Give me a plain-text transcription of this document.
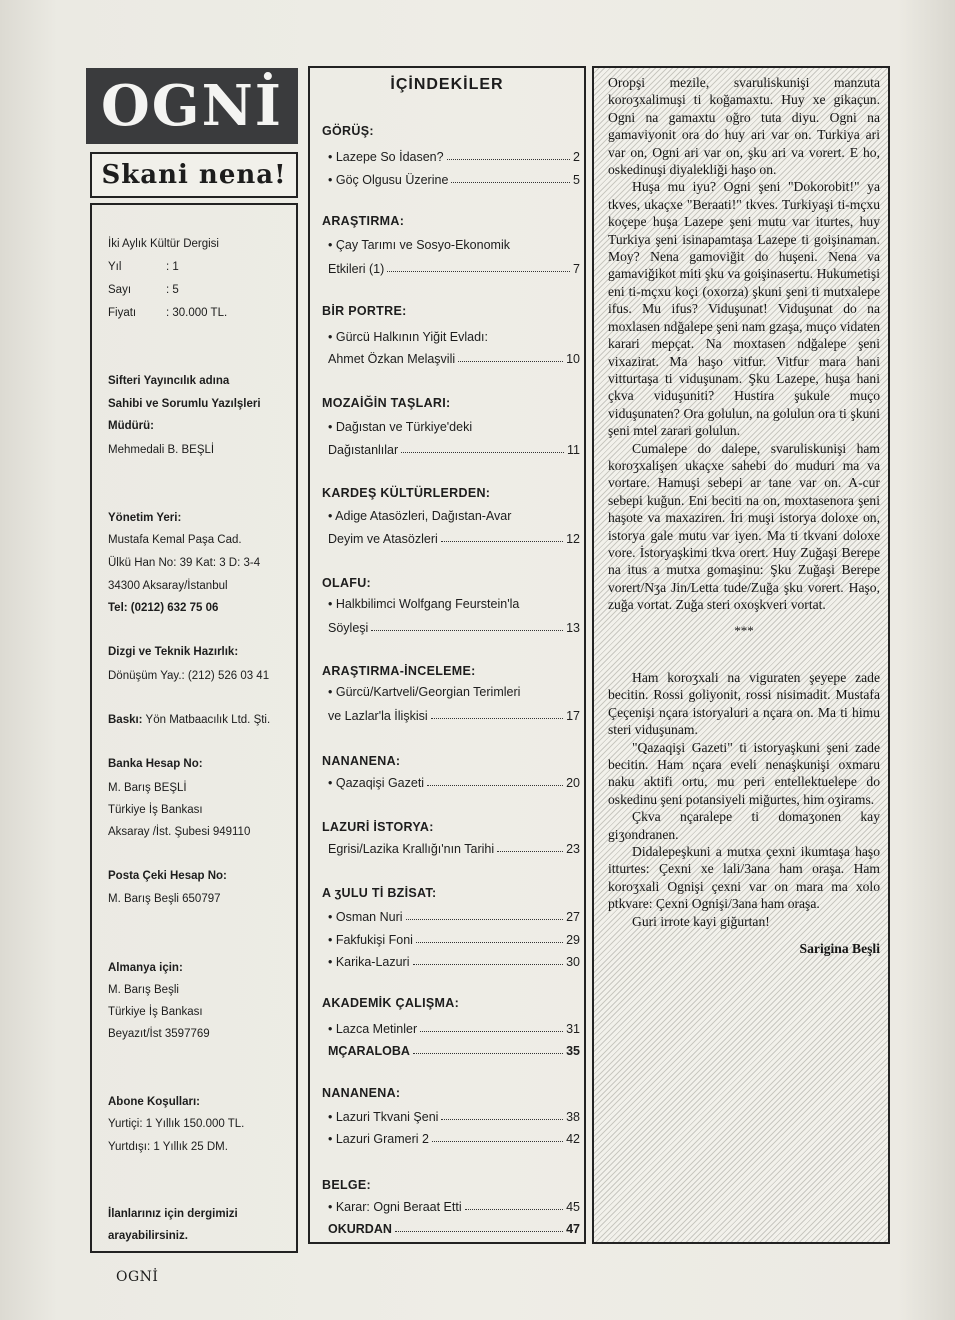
OGNİ
Skani nena!
İki Aylık Kültür Dergisi
Yıl	: 1
Sayı	: 5
Fiyatı	: 30.000 TL.
Sifteri Yayıncılık adına
Sahibi ve Sorumlu Yazılşleri
Müdürü:
Mehmedali B. BEŞLİ
Yönetim Yeri:
Mustafa Kemal Paşa Cad.
Ülkü Han No: 39 Kat: 3 D: 3-4
34300 Aksaray/İstanbul
Tel: (0212) 632 75 06
Dizgi ve Teknik Hazırlık:
Dönüşüm Yay.: (212) 526 03 41
Baskı: Yön Matbaacılık Ltd. Şti.
Banka Hesap No:
M. Barış BEŞLİ
Türkiye İş Bankası
Aksaray /İst. Şubesi 949110
Posta Çeki Hesap No:
M. Barış Beşli 650797
Almanya için:
M. Barış Beşli
Türkiye İş Bankası
Beyazıt/İst 3597769
Abone Koşulları:
Yurtiçi: 1 Yıllık 150.000 TL.
Yurtdışı: 1 Yıllık 25 DM.
İlanlarınız için dergimizi
arayabilirsiniz.
İÇİNDEKİLER
GÖRÜŞ:
• Lazepe So İdasen?	2
• Göç Olgusu Üzerine	5
ARAŞTIRMA:
• Çay Tarımı ve Sosyo-Ekonomik
Etkileri (1)	7
BİR PORTRE:
• Gürcü Halkının Yiğit Evladı:
Ahmet Özkan Melaşvili	10
MOZAİĞİN TAŞLARI:
• Dağıstan ve Türkiye'deki
Dağıstanlılar	11
KARDEŞ KÜLTÜRLERDEN:
• Adige Atasözleri, Dağıstan-Avar
Deyim ve Atasözleri	12
OLAFU:
• Halkbilimci Wolfgang Feurstein'la
Söyleşi	13
ARAŞTIRMA-İNCELEME:
• Gürcü/Kartveli/Georgian Terimleri
ve Lazlar'la İlişkisi	17
NANANENA:
• Qazaqişi Gazeti	20
LAZURİ İSTORYA:
Egrisi/Lazika Krallığı'nın Tarihi	23
A ʒULU Tİ BZİSAT:
• Osman Nuri	27
• Fakfukişi Foni	29
• Karika-Lazuri	30
AKADEMİK ÇALIŞMA:
• Lazca Metinler	31
MÇARALOBA	35
NANANENA:
• Lazuri Tkvani Şeni	38
• Lazuri Grameri 2	42
BELGE:
• Karar: Ogni Beraat Etti	45
OKURDAN	47

Oropşi mezile, svaruliskunişi manzuta koroʒxalimuşi ti koğamaxtu. Huy xe gikaçun. Ogni na gamaxtu oğro tuta diyu. Ogni na gamaviyonit ora do huy ari var on. Turkiya ari var on, Ogni ari var on, şku ari va vorert. E ho, oskedinuşi diyalekliği haşo on.

Huşa mu iyu? Ogni şeni "Dokorobit!" ya tkves, ukaçxe "Beraati!" tkves. Turkiyaşi ti-mçxu koçepe huşa Lazepe şeni mutu var iturtes, huy Turkiya şeni isinapamtaşa Lazepe ti goişinaman. Moy? Nena gamoviğit do huşeni. Nena va gamaviğikot miti şku va goişinasertu. Hukumetişi eni ti-mçxu koçi (oxorza) şkuni şeni ti mutxalepe ifus. Mu ifus? Viduşunat! Viduşunat do na moxlasen ndğalepe şeni nam gzaşa, muço vidaten karari mepçat. Na moxtasen ndğalepe şeni vixazirat. Ma haşo vitfur. Vitfur mara hani vitturtaşa ti viduşunam. Şku Lazepe, huşa hani çkva viduşuniti? Hustira şukule muço viduşunaten? Ora golulun, na golulun ora ti şkuni şeni mtel zarari golulun.

Cumalepe do dalepe, svaruliskunişi ham koroʒxalişen ukaçxe sahebi do muduri ma va vortare. Hamuşi sebepi ar tane var on. A-cur sebepi kuğun. Eni beciti na on, moxtasenora şeni haşote va maxaziren. İri muşi istorya doloxe on, istorya gale mutu var iyen. Ma ti tkvani doloxe vore. İstoryaşkimi tkva orert. Huy Zuğaşi Berepe na itus a mutxa gomaşinu: Şku Zuğaşi Berepe vorert/Nʒa Jin/Letta tude/Zuğa şku vorert. Haşo, zuğa vortat. Zuğa steri oxoşkveri vortat.

***

Ham koroʒxali na viguraten şeyepe zade becitin. Rossi goliyonit, rossi nisimadit. Mustafa Çeçenişi nçara istoryaluri a nçara on. Ma ti himu steri viduşunam.

"Qazaqişi Gazeti" ti istoryaşkuni şeni zade becitin. Ham nçara eveli nenaşkunişi oxmaru naku aktifi ortu, mu peri entellektuelepe do oskedinu şeni potansiyeli miğurtes, him oʒirams.

Çkva nçaralepe ti domaʒonen kay giʒondranen.

Didalepeşkuni a mutxa çexni ikumtaşa haşo itturtes: Çexni xe lali/3ana ham oraşa. Ham koroʒxali Ognişi çexni var on mara ma xolo ptkvare: Çexni Ognişi/3ana ham oraşa.

Guri irrote kayi giğurtan!

Sarigina Beşli
OGNİ
